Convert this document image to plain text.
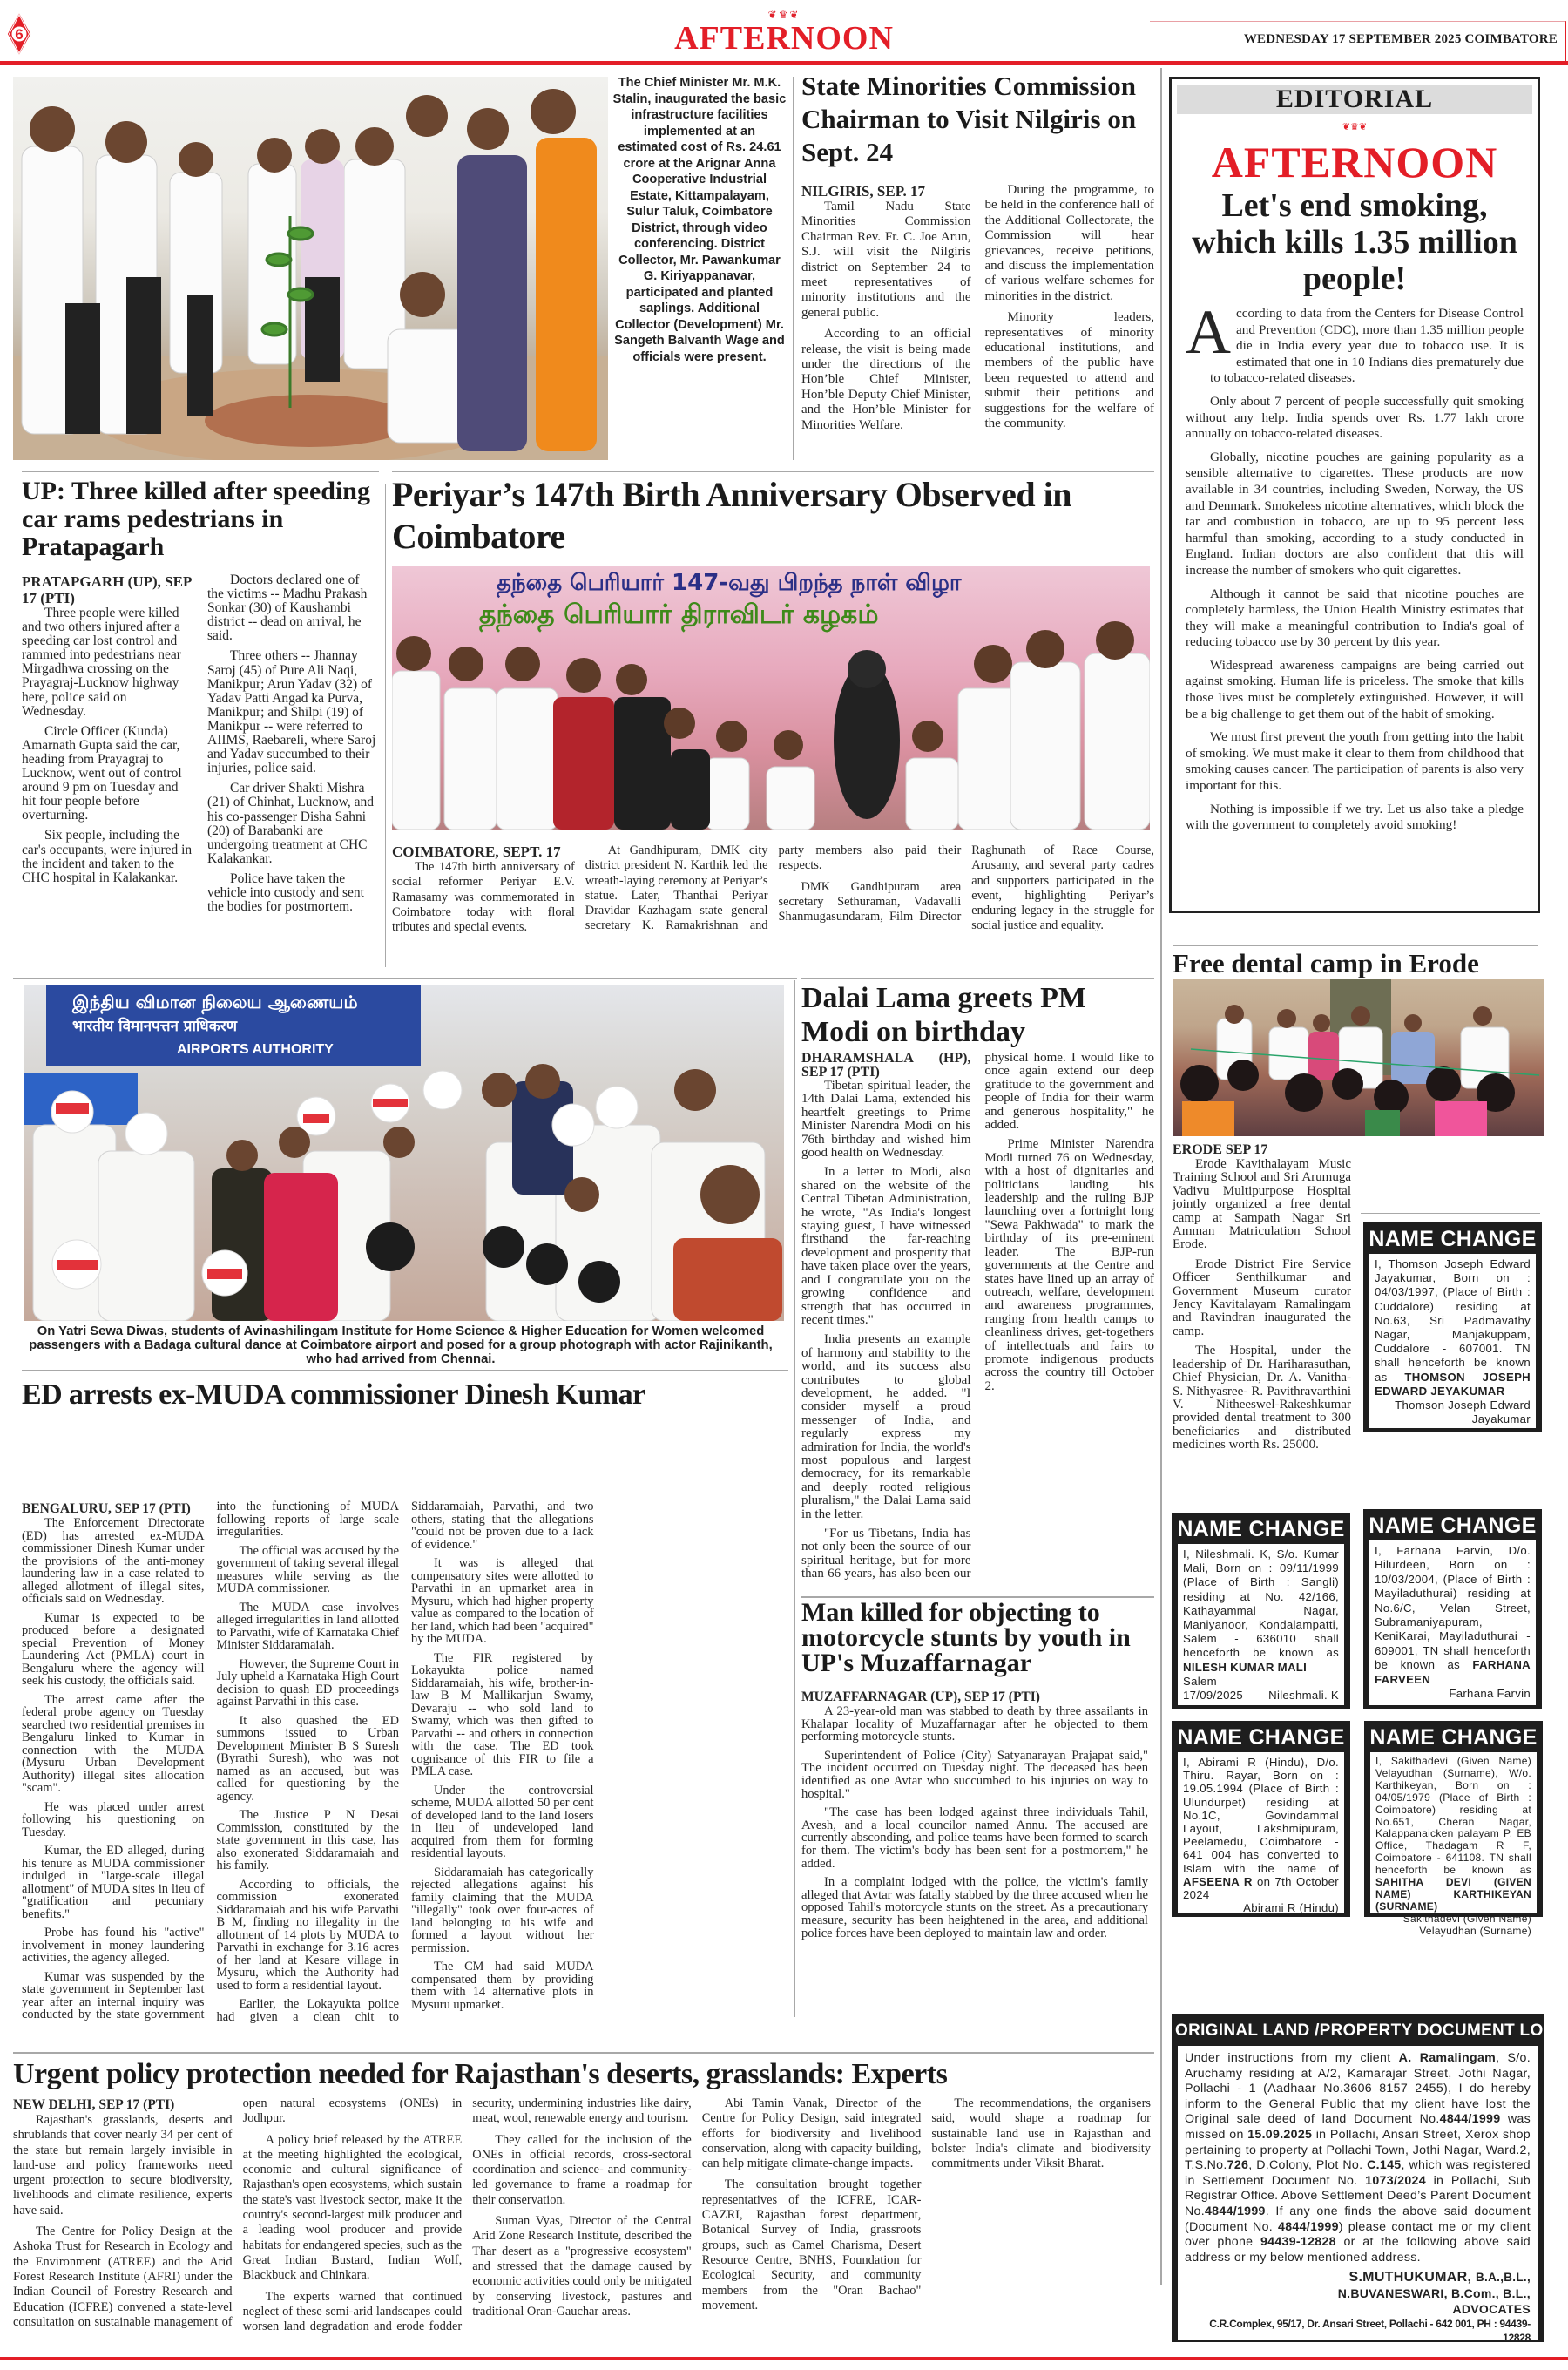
6
❦♛❦
AFTERNOON	WEDNESDAY 17 SEPTEMBER 2025 COIMBATORE
The Chief Minister Mr. M.K. Stalin, inaugurated the basic infrastructure facilities implemented at an estimated cost of Rs. 24.61 crore at the Arignar Anna Cooperative Industrial Estate, Kittampalayam, Sulur Taluk, Coimbatore District, through video conferencing. District Collector, Mr. Pawankumar G. Kiriyappanavar, participated and planted saplings. Additional Collector (Development) Mr. Sangeth Balvanth Wage and officials were present.
State Minorities Commission Chairman to Visit Nilgiris on Sept. 24

NILGIRIS, SEP. 17

Tamil Nadu State Minorities Commission Chairman Rev. Fr. C. Joe Arun, S.J. will visit the Nilgiris district on September 24 to meet representatives of minority institutions and the general public.

According to an official release, the visit is being made under the directions of the Hon’ble Chief Minister, Hon’ble Deputy Chief Minister, and the Hon’ble Minister for Minorities Welfare.

During the programme, to be held in the conference hall of the Additional Collectorate, the Commission will hear grievances, receive petitions, and discuss the implementation of various welfare schemes for minorities in the district.

Minority leaders, representatives of minority educational institutions, and members of the public have been requested to attend and submit their petitions and suggestions for the welfare of the community.

EDITORIAL
❦♛❦
AFTERNOON
Let's end smoking, which kills 1.35 million people!

According to data from the Centers for Disease Control and Prevention (CDC), more than 1.35 million people die in India every year due to tobacco use. It is estimated that one in 10 Indians dies prematurely due to tobacco-related diseases.

Only about 7 percent of people successfully quit smoking without any help. India spends over Rs. 1.77 lakh crore annually on tobacco-related diseases.

Globally, nicotine pouches are gaining popularity as a sensible alternative to cigarettes. These products are now available in 34 countries, including Sweden, Norway, the US and Denmark. Smokeless nicotine alternatives, which block the tar and combustion in tobacco, are up to 95 percent less harmful than smoking, according to a study conducted in England. Indian doctors are also confident that this will increase the number of smokers who quit cigarettes.

Although it cannot be said that nicotine pouches are completely harmless, the Union Health Ministry estimates that they will make a meaningful contribution to India's goal of reducing tobacco use by 30 percent by this year.

Widespread awareness campaigns are being carried out against smoking. Human life is priceless. The smoke that kills those lives must be completely extinguished. However, it will be a big challenge to get them out of the habit of smoking.

We must first prevent the youth from getting into the habit of smoking. We must make it clear to them from childhood that smoking causes cancer. The participation of parents is also very important for this.

Nothing is impossible if we try. Let us also take a pledge with the government to completely avoid smoking!

UP: Three killed after speeding car rams pedestrians in Pratapagarh

PRATAPGARH (UP), SEP 17 (PTI)

Three people were killed and two others injured after a speeding car lost control and rammed into pedestrians near Mirgadhwa crossing on the Prayagraj-Lucknow highway here, police said on Wednesday.

Circle Officer (Kunda) Amarnath Gupta said the car, heading from Prayagraj to Lucknow, went out of control around 9 pm on Tuesday and hit four people before overturning.

Six people, including the car's occupants, were injured in the incident and taken to the CHC hospital in Kalakankar.

Doctors declared one of the victims -- Madhu Prakash Sonkar (30) of Kaushambi district -- dead on arrival, he said.

Three others -- Jhannay Saroj (45) of Pure Ali Naqi, Manikpur; Arun Yadav (32) of Yadav Patti Angad ka Purva, Manikpur; and Shilpi (19) of Manikpur -- were referred to AIIMS, Raebareli, where Saroj and Yadav succumbed to their injuries, police said.

Car driver Shakti Mishra (21) of Chinhat, Lucknow, and his co-passenger Disha Sahni (20) of Barabanki are undergoing treatment at CHC Kalakankar.

Police have taken the vehicle into custody and sent the bodies for postmortem.

Periyar’s 147th Birth Anniversary Observed in Coimbatore
தந்தை பெரியார் 147-வது பிறந்த நாள் விழா
தந்தை பெரியார் திராவிடர் கழகம்

COIMBATORE, SEPT. 17

The 147th birth anniversary of social reformer Periyar E.V. Ramasamy was commemorated in Coimbatore today with floral tributes and special events.

At Gandhipuram, DMK city district president N. Karthik led the wreath-laying ceremony at Periyar’s statue. Later, Thanthai Periyar Dravidar Kazhagam state general secretary K. Ramakrishnan and party members also paid their respects.

DMK Gandhipuram area secretary Sethuraman, Vadavalli Shanmugasundaram, Film Director Raghunath of Race Course, Arusamy, and several party cadres and supporters participated in the event, highlighting Periyar’s enduring legacy in the struggle for social justice and equality.

Free dental camp in Erode

ERODE SEP 17

Erode Kavithalayam Music Training School and Sri Arumuga Vadivu Multipurpose Hospital jointly organized a free dental camp at Sampath Nagar Sri Amman Matriculation School Erode.

Erode District Fire Service Officer Senthilkumar and Government Museum curator Jency Kavitalayam Ramalingam and Ravindran inaugurated the camp.

The Hospital, under the leadership of Dr. Hariharasuthan, Chief Physician, Dr. A. Vanitha- S. Nithyasree- R. Pavithravarthini V. Nitheeswel-Rakeshkumar provided dental treatment to 300 beneficiaries and distributed medicines worth Rs. 25000.

NAME CHANGE
I, Thomson Joseph Edward Jayakumar, Born on : 04/03/1997, (Place of Birth : Cuddalore) residing at No.63, Sri Padmavathy Nagar, Manjakuppam, Cuddalore - 607001. TN shall henceforth be known as THOMSON JOSEPH EDWARD JEYAKUMAR
Thomson Joseph Edward Jayakumar
NAME CHANGE
I, Nileshmali. K, S/o. Kumar Mali, Born on : 09/11/1999 (Place of Birth : Sangli) residing at No. 42/166, Kathayammal Nagar, Maniyanoor, Kondalampatti, Salem - 636010 shall henceforth be known as NILESH KUMAR MALI
Salem
17/09/2025 Nileshmali. K
NAME CHANGE
I, Farhana Farvin, D/o. Hilurdeen, Born on : 10/03/2004, (Place of Birth : Mayiladuthurai) residing at No.6/C, Velan Street, Subramaniyapuram, KeniKarai, Mayiladuthurai - 609001, TN shall henceforth be known as FARHANA FARVEEN
Farhana Farvin
NAME CHANGE
I, Abirami R (Hindu), D/o. Thiru. Rayar, Born on : 19.05.1994 (Place of Birth : Ulundurpet) residing at No.1C, Govindammal Layout, Lakshmipuram, Peelamedu, Coimbatore - 641 004 has converted to Islam with the name of AFSEENA R on 7th October 2024
Abirami R (Hindu)
NAME CHANGE
I, Sakithadevi (Given Name) Velayudhan (Surname), W/o. Karthikeyan, Born on : 04/05/1979 (Place of Birth : Coimbatore) residing at No.651, Cheran Nagar, Kalappanaicken palayam P, EB Office, Thadagam R F, Coimbatore - 641108. TN shall henceforth be known as SAHITHA DEVI (GIVEN NAME) KARTHIKEYAN (SURNAME)
Sakithadevi (Given Name) Velayudhan (Surname)
ORIGINAL LAND /PROPERTY DOCUMENT LOST
Under instructions from my client A. Ramalingam, S/o. Aruchamy residing at A/2, Kamarajar Street, Jothi Nagar, Pollachi - 1 (Aadhaar No.3606 8157 2455), I do hereby inform to the General Public that my client have lost the Original sale deed of land Document No.4844/1999 was missed on 15.09.2025 in Pollachi, Ansari Street, Xerox shop pertaining to property at Pollachi Town, Jothi Nagar, Ward.2, T.S.No.726, D.Colony, Plot No. C.145, which was registered in Settlement Document No. 1073/2024 in Pollachi, Sub Registrar Office. Above Settlement Deed’s Parent Document No.4844/1999. If any one finds the above said document (Document No. 4844/1999) please contact me or my client over phone 94439-12828 or at the following above said address or my below mentioned address.
S.MUTHUKUMAR, B.A.,B.L.,
N.BUVANESWARI, B.Com., B.L.,
ADVOCATES
C.R.Complex, 95/17, Dr. Ansari Street, Pollachi - 642 001, PH : 94439-12828
இந்திய விமான நிலைய ஆணையம்
भारतीय विमानपत्तन प्राधिकरण
AIRPORTS AUTHORITY
On Yatri Sewa Diwas, students of Avinashilingam Institute for Home Science & Higher Education for Women welcomed passengers with a Badaga cultural dance at Coimbatore airport and posed for a group photograph with actor Rajinikanth, who had arrived from Chennai.
ED arrests ex-MUDA commissioner Dinesh Kumar

BENGALURU, SEP 17 (PTI)

The Enforcement Directorate (ED) has arrested ex-MUDA commissioner Dinesh Kumar under the provisions of the anti-money laundering law in a case related to alleged allotment of illegal sites, officials said on Wednesday.

Kumar is expected to be produced before a designated special Prevention of Money Laundering Act (PMLA) court in Bengaluru where the agency will seek his custody, the officials said.

The arrest came after the federal probe agency on Tuesday searched two residential premises in Bengaluru linked to Kumar in connection with the MUDA (Mysuru Urban Development Authority) illegal sites allocation "scam".

He was placed under arrest following his questioning on Tuesday.

Kumar, the ED alleged, during his tenure as MUDA commissioner indulged in "large-scale illegal allotment" of MUDA sites in lieu of "gratification and pecuniary benefits."

Probe has found his "active" involvement in money laundering activities, the agency alleged.

Kumar was suspended by the state government in September last year after an internal inquiry was conducted by the state government into the functioning of MUDA following reports of large scale irregularities.

The official was accused by the government of taking several illegal measures while serving as the MUDA commissioner.

The MUDA case involves alleged irregularities in land allotted to Parvathi, wife of Karnataka Chief Minister Siddaramaiah.

However, the Supreme Court in July upheld a Karnataka High Court decision to quash ED proceedings against Parvathi in this case.

It also quashed the ED summons issued to Urban Development Minister B S Suresh (Byrathi Suresh), who was not named as an accused, but was called for questioning by the agency.

The Justice P N Desai Commission, constituted by the state government in this case, has also exonerated Siddaramaiah and his family.

According to officials, the commission exonerated Siddaramaiah and his wife Parvathi B M, finding no illegality in the allotment of 14 plots by MUDA to Parvathi in exchange for 3.16 acres of her land at Kesare village in Mysuru, which the Authority had used to form a residential layout.

Earlier, the Lokayukta police had given a clean chit to Siddaramaiah, Parvathi, and two others, stating that the allegations "could not be proven due to a lack of evidence."

It was is alleged that compensatory sites were allotted to Parvathi in an upmarket area in Mysuru, which had higher property value as compared to the location of her land, which had been "acquired" by the MUDA.

The FIR registered by Lokayukta police named Siddaramaiah, his wife, brother-in-law B M Mallikarjun Swamy, Devaraju -- who sold land to Swamy, which was then gifted to Parvathi -- and others in connection with the case. The ED took cognisance of this FIR to file a PMLA case.

Under the controversial scheme, MUDA allotted 50 per cent of developed land to the land losers in lieu of undeveloped land acquired from them for forming residential layouts.

Siddaramaiah has categorically rejected allegations against his family claiming that the MUDA "illegally" took over four-acres of land belonging to his wife and formed a layout without her permission.

The CM had said MUDA compensated them by providing them with 14 alternative plots in Mysuru upmarket.

Dalai Lama greets PM Modi on birthday

DHARAMSHALA (HP), SEP 17 (PTI)

Tibetan spiritual leader, the 14th Dalai Lama, extended his heartfelt greetings to Prime Minister Narendra Modi on his 76th birthday and wished him good health on Wednesday.

In a letter to Modi, also shared on the website of the Central Tibetan Administration, he wrote, "As India's longest staying guest, I have witnessed firsthand the far-reaching development and prosperity that have taken place over the years, and I congratulate you on the growing confidence and strength that has occurred in recent times."

India presents an example of harmony and stability to the world, and its success also contributes to global development, he added. "I consider myself a proud messenger of India, and regularly express my admiration for India, the world's most populous and largest democracy, for its remarkable and deeply rooted religious pluralism," the Dalai Lama said in the letter.

"For us Tibetans, India has not only been the source of our spiritual heritage, but for more than 66 years, has also been our physical home. I would like to once again extend our deep gratitude to the government and people of India for their warm and generous hospitality," he added.

Prime Minister Narendra Modi turned 76 on Wednesday, with a host of dignitaries and politicians lauding his leadership and the ruling BJP launching over a fortnight long "Sewa Pakhwada" to mark the birthday of its pre-eminent leader. The BJP-run governments at the Centre and states have lined up an array of outreach, welfare, development and awareness programmes, ranging from health camps to cleanliness drives, get-togethers of intellectuals and fairs to promote indigenous products across the country till October 2.

Man killed for objecting to motorcycle stunts by youth in UP's Muzaffarnagar

MUZAFFARNAGAR (UP), SEP 17 (PTI)

A 23-year-old man was stabbed to death by three assailants in Khalapar locality of Muzaffarnagar after he objected to them performing motorcycle stunts.

Superintendent of Police (City) Satyanarayan Prajapat said," The incident occurred on Tuesday night. The deceased has been identified as one Avtar who succumbed to his injuries on way to hospital."

"The case has been lodged against three individuals Tahil, Avesh, and a local councilor named Annu. The accused are currently absconding, and police teams have been formed to search for them. The victim's body has been sent for a postmortem," he added.

In a complaint lodged with the police, the victim's family alleged that Avtar was fatally stabbed by the three accused when he opposed Tahil's motorcycle stunts on the street. As a precautionary measure, security has been heightened in the area, and additional police forces have been deployed to maintain law and order.

Urgent policy protection needed for Rajasthan's deserts, grasslands: Experts

NEW DELHI, SEP 17 (PTI)

Rajasthan's grasslands, deserts and shrublands that cover nearly 34 per cent of the state but remain largely invisible in land-use and policy frameworks need urgent protection to secure biodiversity, livelihoods and climate resilience, experts have said.

The Centre for Policy Design at the Ashoka Trust for Research in Ecology and the Environment (ATREE) and the Arid Forest Research Institute (AFRI) under the Indian Council of Forestry Research and Education (ICFRE) convened a state-level consultation on sustainable management of open natural ecosystems (ONEs) in Jodhpur.

A policy brief released by the ATREE at the meeting highlighted the ecological, economic and cultural significance of Rajasthan's open ecosystems, which sustain the state's vast livestock sector, make it the country's second-largest milk producer and a leading wool producer and provide habitats for endangered species, such as the Great Indian Bustard, Indian Wolf, Blackbuck and Chinkara.

The experts warned that continued neglect of these semi-arid landscapes could worsen land degradation and erode fodder security, undermining industries like dairy, meat, wool, renewable energy and tourism.

They called for the inclusion of the ONEs in official records, cross-sectoral coordination and science- and community-led governance to frame a roadmap for their conservation.

Suman Vyas, Director of the Central Arid Zone Research Institute, described the Thar desert as a "progressive ecosystem" and stressed that the damage caused by economic activities could only be mitigated by conserving livestock, pastures and traditional Oran-Gauchar areas.

Abi Tamin Vanak, Director of the Centre for Policy Design, said integrated efforts for biodiversity and livelihood conservation, along with capacity building, can help mitigate climate-change impacts.

The consultation brought together representatives of the ICFRE, ICAR-CAZRI, Rajasthan forest department, Botanical Survey of India, grassroots groups, such as Camel Charisma, Desert Resource Centre, BNHS, Foundation for Ecological Security, and community members from the "Oran Bachao" movement.

The recommendations, the organisers said, would shape a roadmap for sustainable land use in Rajasthan and bolster India's climate and biodiversity commitments under Viksit Bharat.
